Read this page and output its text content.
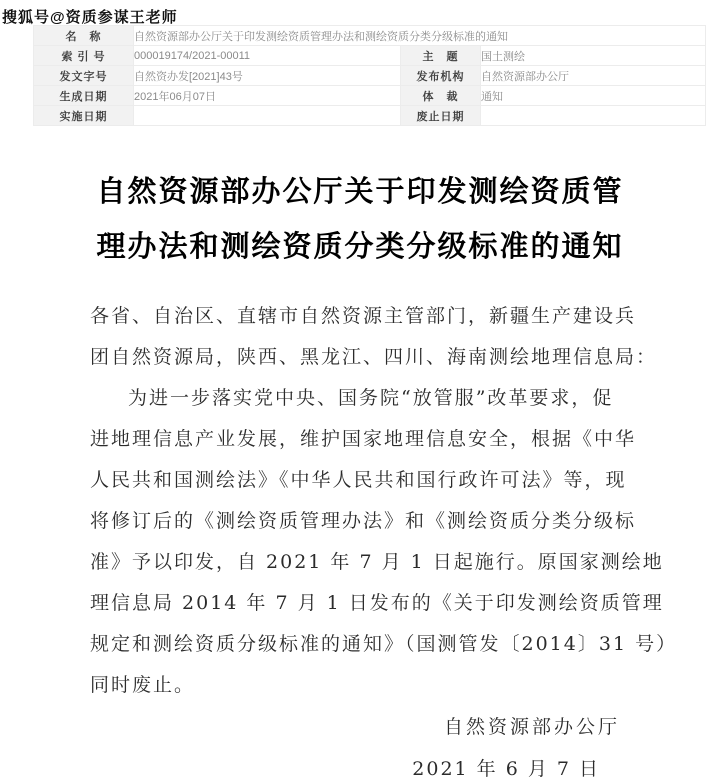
搜狐号@资质参谋王老师
名　称	自然资源部办公厅关于印发测绘资质管理办法和测绘资质分类分级标准的通知		
索 引 号	000019174/2021-00011	主　题	国土测绘
发文字号	自然资办发[2021]43号	发布机构	自然资源部办公厅
生成日期	2021年06月07日	体　裁	通知
实施日期		废止日期	
自然资源部办公厅关于印发测绘资质管
理办法和测绘资质分类分级标准的通知
各省、自治区、直辖市自然资源主管部门，新疆生产建设兵
团自然资源局，陕西、黑龙江、四川、海南测绘地理信息局：
为进一步落实党中央、国务院“放管服”改革要求，促
进地理信息产业发展，维护国家地理信息安全，根据《中华
人民共和国测绘法》《中华人民共和国行政许可法》等，现
将修订后的《测绘资质管理办法》和《测绘资质分类分级标
准》予以印发，自 2021 年 7 月 1 日起施行。原国家测绘地
理信息局 2014 年 7 月 1 日发布的《关于印发测绘资质管理
规定和测绘资质分级标准的通知》（国测管发〔2014〕31 号）
同时废止。
自然资源部办公厅
2021 年 6 月 7 日
